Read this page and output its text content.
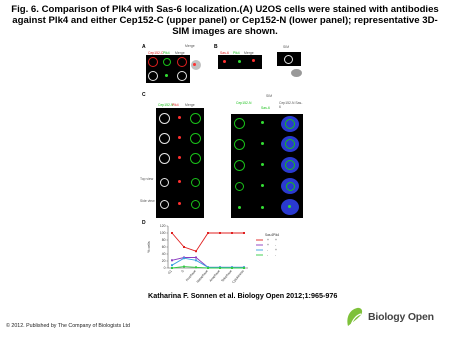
Fig. 6. Comparison of Plk4 with Sas-6 localization.(A) U2OS cells were stained with antibodies against Plk4 and either Cep152-C (upper panel) or Cep152-N (lower panel); representative 3D-SIM images are shown.
A	Merge
Cep152-C Plk4 Merge
B
Sas-6 Plk4 Merge
SIM
C
Cep152-N
Plk4 Merge
SIM
Cep152-N
Sas-6
Cep152-N Sas-6
Top view
Side view
D
0
20
40
60
80
100
120
% cells
G1 S Prophase
Metaphase Anaphase Telophase
Cytokinesis
Sas-6 Plk4
+ +
+ -
- +
- -
Katharina F. Sonnen et al. Biology Open 2012;1:965-976
© 2012. Published by The Company of Biologists Ltd
Biology Open
